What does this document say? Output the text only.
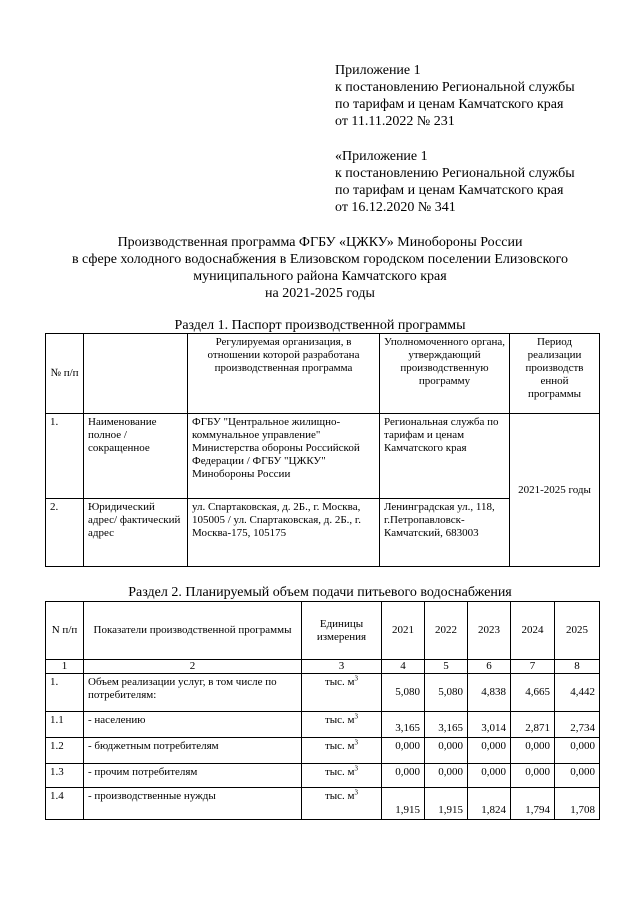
Приложение 1
к постановлению Региональной службы
по тарифам и ценам Камчатского края
от 11.11.2022 № 231
«Приложение 1
к постановлению Региональной службы
по тарифам и ценам Камчатского края
от 16.12.2020 № 341
Производственная программа ФГБУ «ЦЖКУ» Минобороны России
в сфере холодного водоснабжения в Елизовском городском поселении Елизовского
муниципального района Камчатского края
на 2021-2025 годы
Раздел 1. Паспорт производственной программы
№ п/п		Регулируемая организация, в отношении которой разработана производственная программа	Уполномоченного органа, утверждающий производственную программу	Период реализации производств енной программы
1.	Наименование полное / сокращенное	ФГБУ "Центральное жилищно-коммунальное управление" Министерства обороны Российской Федерации / ФГБУ "ЦЖКУ" Минобороны России	Региональная служба по тарифам и ценам Камчатского края	2021-2025 годы
2.	Юридический адрес/ фактический адрес	ул. Спартаковская, д. 2Б., г. Москва, 105005 / ул. Спартаковская, д. 2Б., г. Москва-175, 105175	Ленинградская ул., 118, г.Петропавловск-Камчатский, 683003	
Раздел 2. Планируемый объем подачи питьевого водоснабжения
N п/п	Показатели производственной программы	Единицы измерения	2021	2022	2023	2024	2025
1	2	3	4	5	6	7	8
1.	Объем реализации услуг, в том числе по потребителям:	тыс. $м^3$	5,080	5,080	4,838	4,665	4,442
1.1	- населению	тыс. $м^3$	3,165	3,165	3,014	2,871	2,734
1.2	- бюджетным потребителям	тыс. $м^3$	0,000	0,000	0,000	0,000	0,000
1.3	- прочим потребителям	тыс. $м^3$	0,000	0,000	0,000	0,000	0,000
1.4	- производственные нужды	тыс. $м^3$	1,915	1,915	1,824	1,794	1,708
